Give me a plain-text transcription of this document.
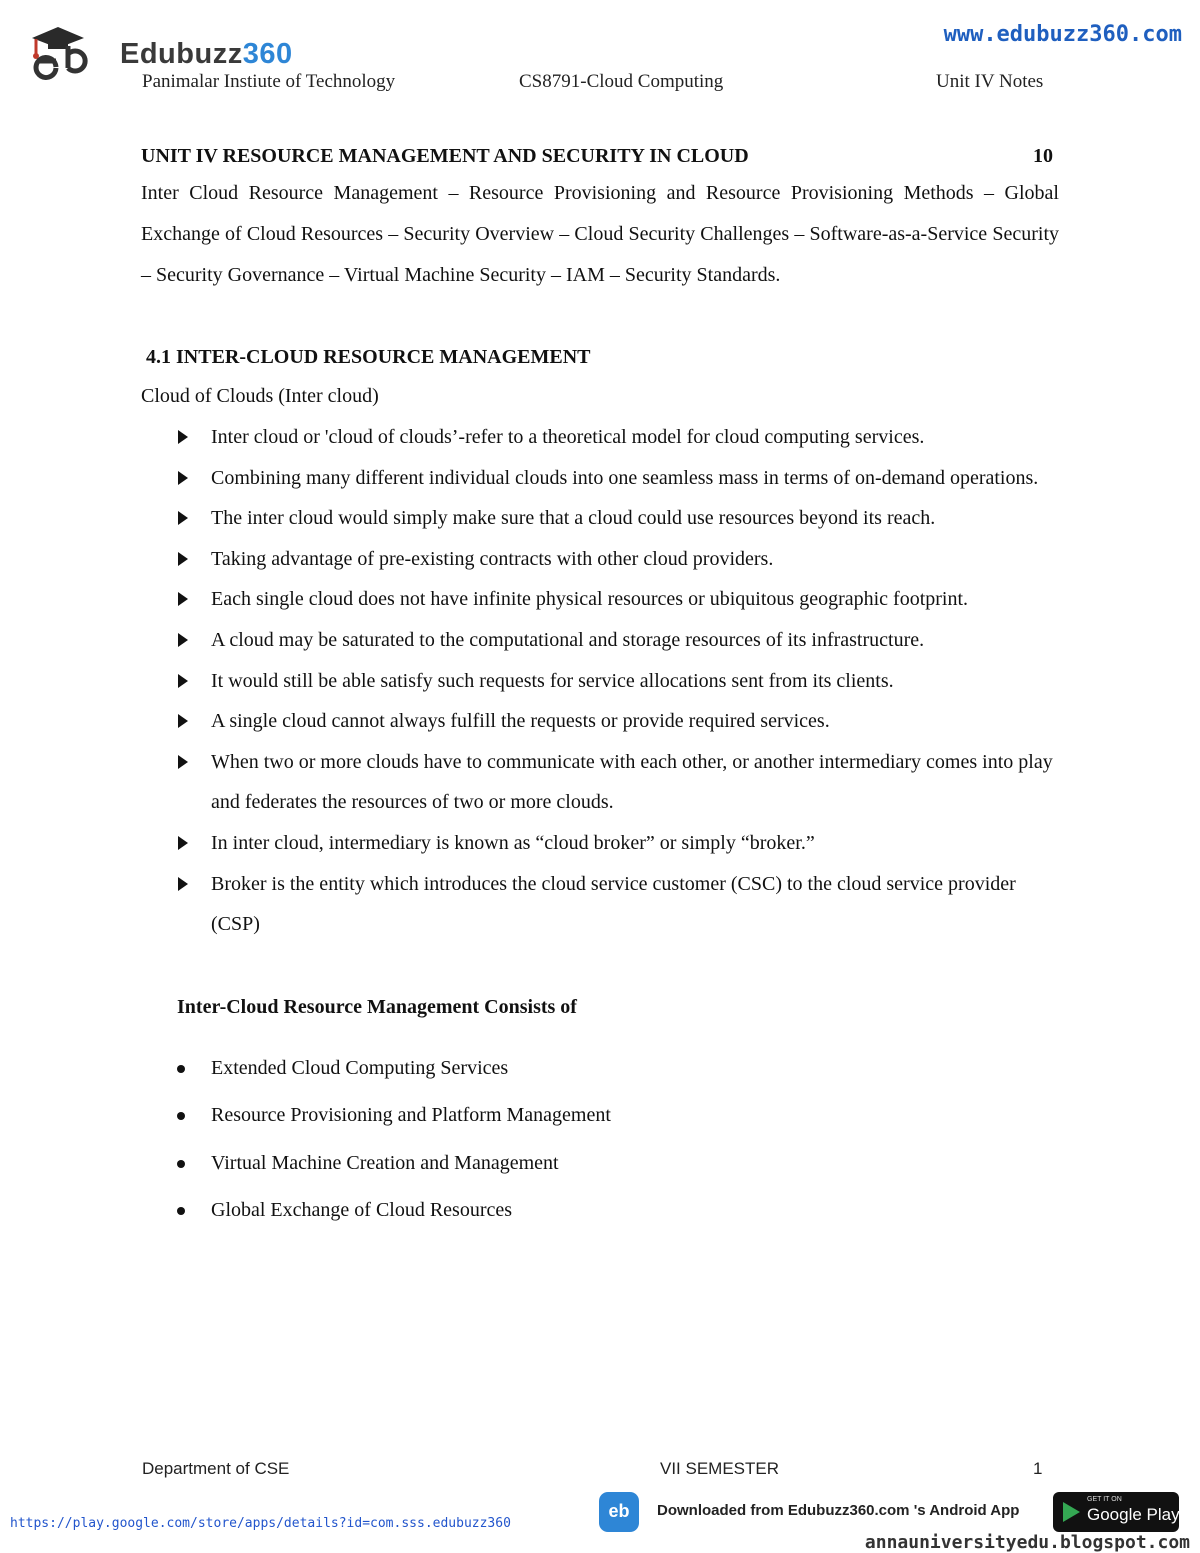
Edubuzz360
www.edubuzz360.com
Panimalar Instiute of Technology	CS8791-Cloud Computing	Unit IV Notes
UNIT IV RESOURCE MANAGEMENT AND SECURITY IN CLOUD	10

Inter Cloud Resource Management – Resource Provisioning and Resource Provisioning Methods – Global Exchange of Cloud Resources – Security Overview – Cloud Security Challenges – Software-as-a-Service Security – Security Governance – Virtual Machine Security – IAM – Security Standards.

4.1 INTER-CLOUD RESOURCE MANAGEMENT
Cloud of Clouds (Inter cloud)
Inter cloud or 'cloud of clouds’-refer to a theoretical model for cloud computing services.
Combining many different individual clouds into one seamless mass in terms of on-demand operations.
The inter cloud would simply make sure that a cloud could use resources beyond its reach.
Taking advantage of pre-existing contracts with other cloud providers.
Each single cloud does not have infinite physical resources or ubiquitous geographic footprint.
A cloud may be saturated to the computational and storage resources of its infrastructure.
It would still be able satisfy such requests for service allocations sent from its clients.
A single cloud cannot always fulfill the requests or provide required services.
When two or more clouds have to communicate with each other, or another intermediary comes into play and federates the resources of two or more clouds.
In inter cloud, intermediary is known as “cloud broker” or simply “broker.”
Broker is the entity which introduces the cloud service customer (CSC) to the cloud service provider (CSP)
Inter-Cloud Resource Management Consists of
Extended Cloud Computing Services
Resource Provisioning and Platform Management
Virtual Machine Creation and Management
Global Exchange of Cloud Resources
Department of CSE	VII SEMESTER	1
https://play.google.com/store/apps/details?id=com.sss.edubuzz360
eb	Downloaded from Edubuzz360.com 's Android App
GET IT ON
Google Play
annauniversityedu.blogspot.com
